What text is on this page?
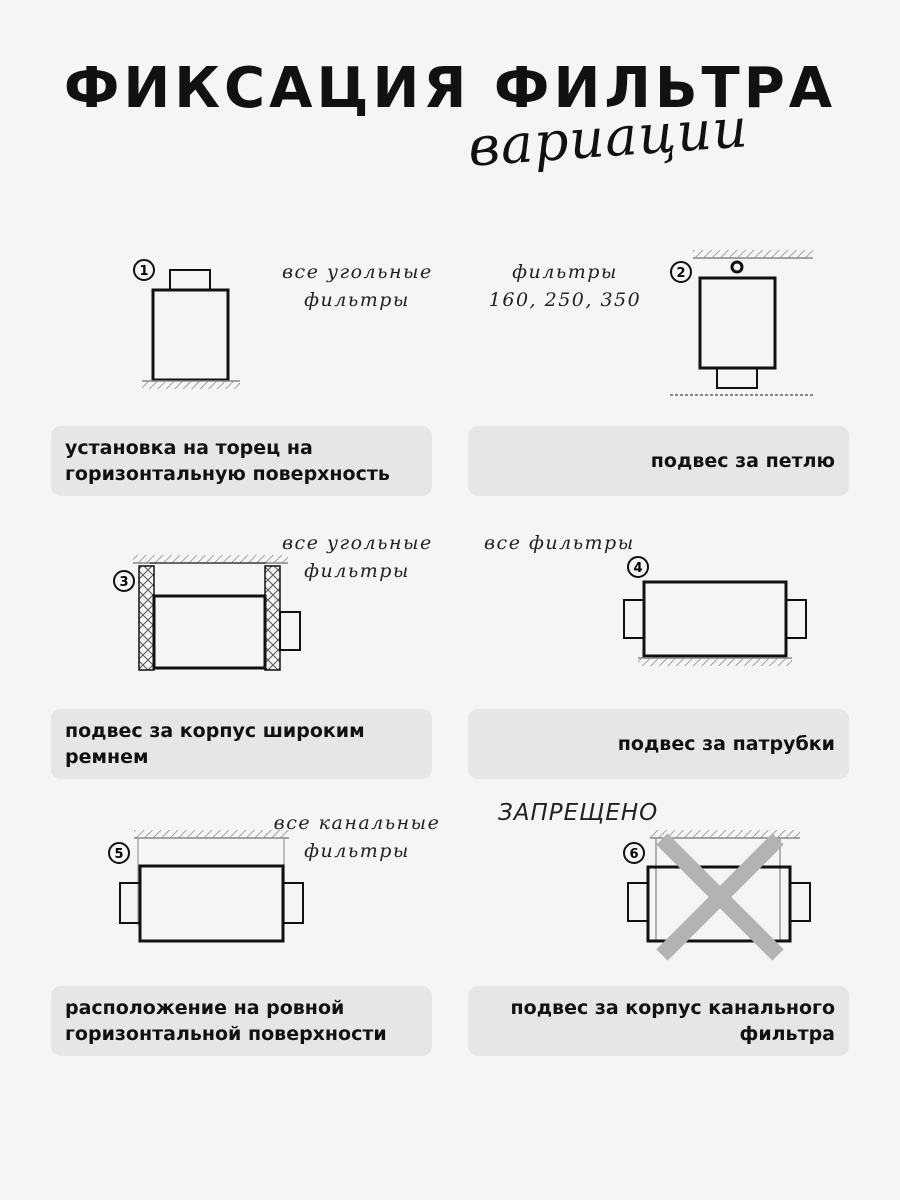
ФИКСАЦИЯ ФИЛЬТРА
вариации
1	все угольные
фильтры
фильтры
160, 250, 350
2
3
все угольные
фильтры
все фильтры
4
5
все канальные
фильтры
ЗАПРЕЩЕНО
6
установка на торец на горизонтальную поверхность
подвес за петлю
подвес за корпус широким ремнем
подвес за патрубки
расположение на ровной горизонтальной поверхности
подвес за корпус канального фильтра
